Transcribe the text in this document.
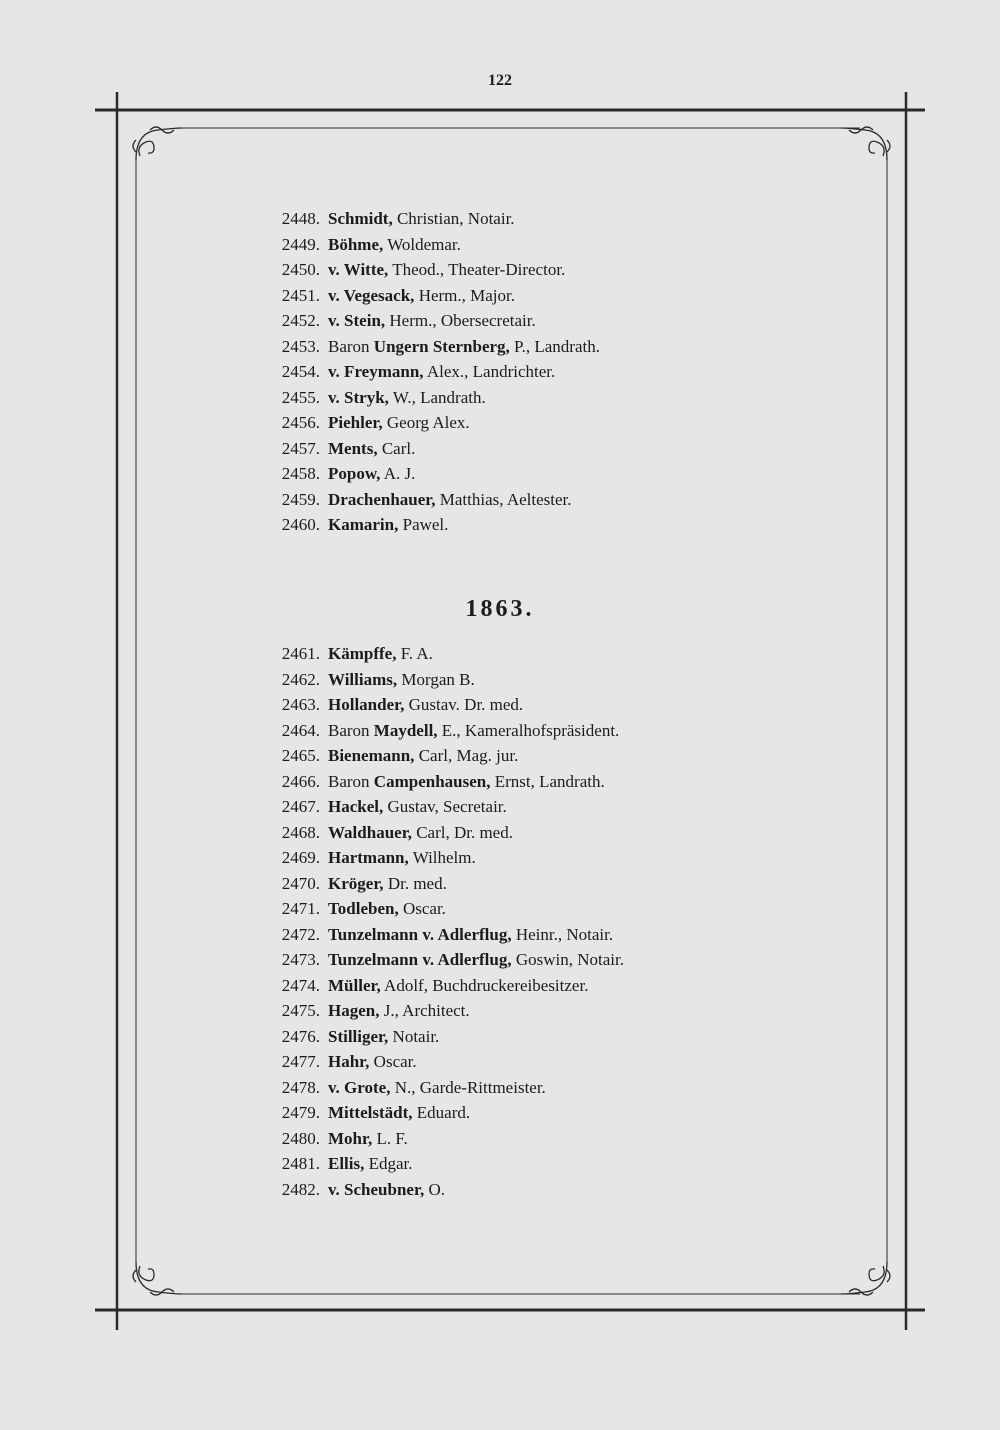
122
2448. Schmidt, Christian, Notair.
2449. Böhme, Woldemar.
2450. v. Witte, Theod., Theater-Director.
2451. v. Vegesack, Herm., Major.
2452. v. Stein, Herm., Obersecretair.
2453. Baron Ungern Sternberg, P., Landrath.
2454. v. Freymann, Alex., Landrichter.
2455. v. Stryk, W., Landrath.
2456. Piehler, Georg Alex.
2457. Ments, Carl.
2458. Popow, A. J.
2459. Drachenhauer, Matthias, Aeltester.
2460. Kamarin, Pawel.
1863.
2461. Kämpffe, F. A.
2462. Williams, Morgan B.
2463. Hollander, Gustav. Dr. med.
2464. Baron Maydell, E., Kameralhofspräsident.
2465. Bienemann, Carl, Mag. jur.
2466. Baron Campenhausen, Ernst, Landrath.
2467. Hackel, Gustav, Secretair.
2468. Waldhauer, Carl, Dr. med.
2469. Hartmann, Wilhelm.
2470. Kröger, Dr. med.
2471. Todleben, Oscar.
2472. Tunzelmann v. Adlerflug, Heinr., Notair.
2473. Tunzelmann v. Adlerflug, Goswin, Notair.
2474. Müller, Adolf, Buchdruckereibesitzer.
2475. Hagen, J., Architect.
2476. Stilliger, Notair.
2477. Hahr, Oscar.
2478. v. Grote, N., Garde-Rittmeister.
2479. Mittelstädt, Eduard.
2480. Mohr, L. F.
2481. Ellis, Edgar.
2482. v. Scheubner, O.
